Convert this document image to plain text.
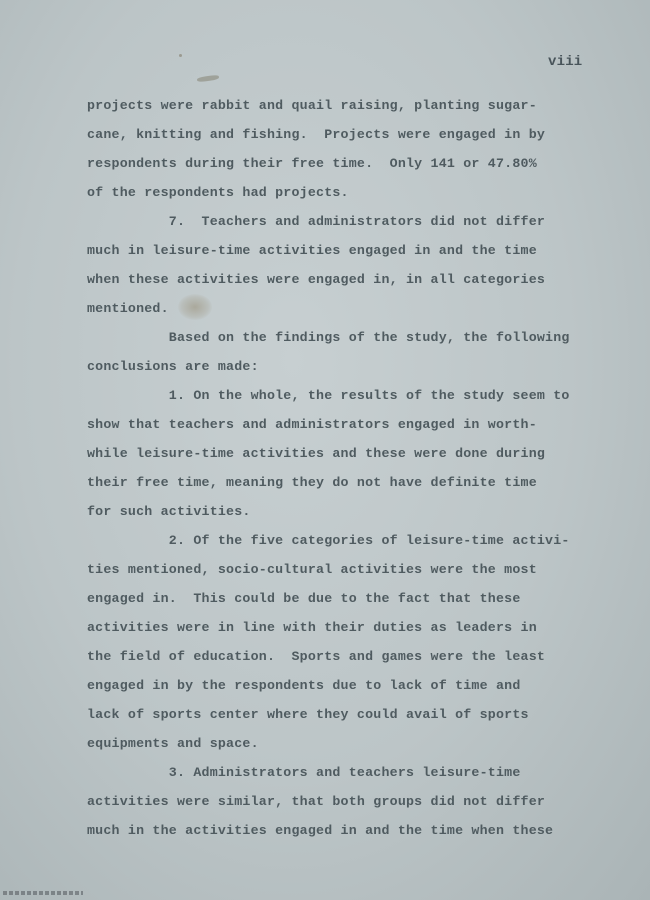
viii
projects were rabbit and quail raising, planting sugar-
cane, knitting and fishing.  Projects were engaged in by
respondents during their free time.  Only 141 or 47.80%
of the respondents had projects.
7.  Teachers and administrators did not differ
much in leisure-time activities engaged in and the time
when these activities were engaged in, in all categories
mentioned.
Based on the findings of the study, the following
conclusions are made:
1. On the whole, the results of the study seem to
show that teachers and administrators engaged in worth-
while leisure-time activities and these were done during
their free time, meaning they do not have definite time
for such activities.
2. Of the five categories of leisure-time activi-
ties mentioned, socio-cultural activities were the most
engaged in.  This could be due to the fact that these
activities were in line with their duties as leaders in
the field of education.  Sports and games were the least
engaged in by the respondents due to lack of time and
lack of sports center where they could avail of sports
equipments and space.
3. Administrators and teachers leisure-time
activities were similar, that both groups did not differ
much in the activities engaged in and the time when these
